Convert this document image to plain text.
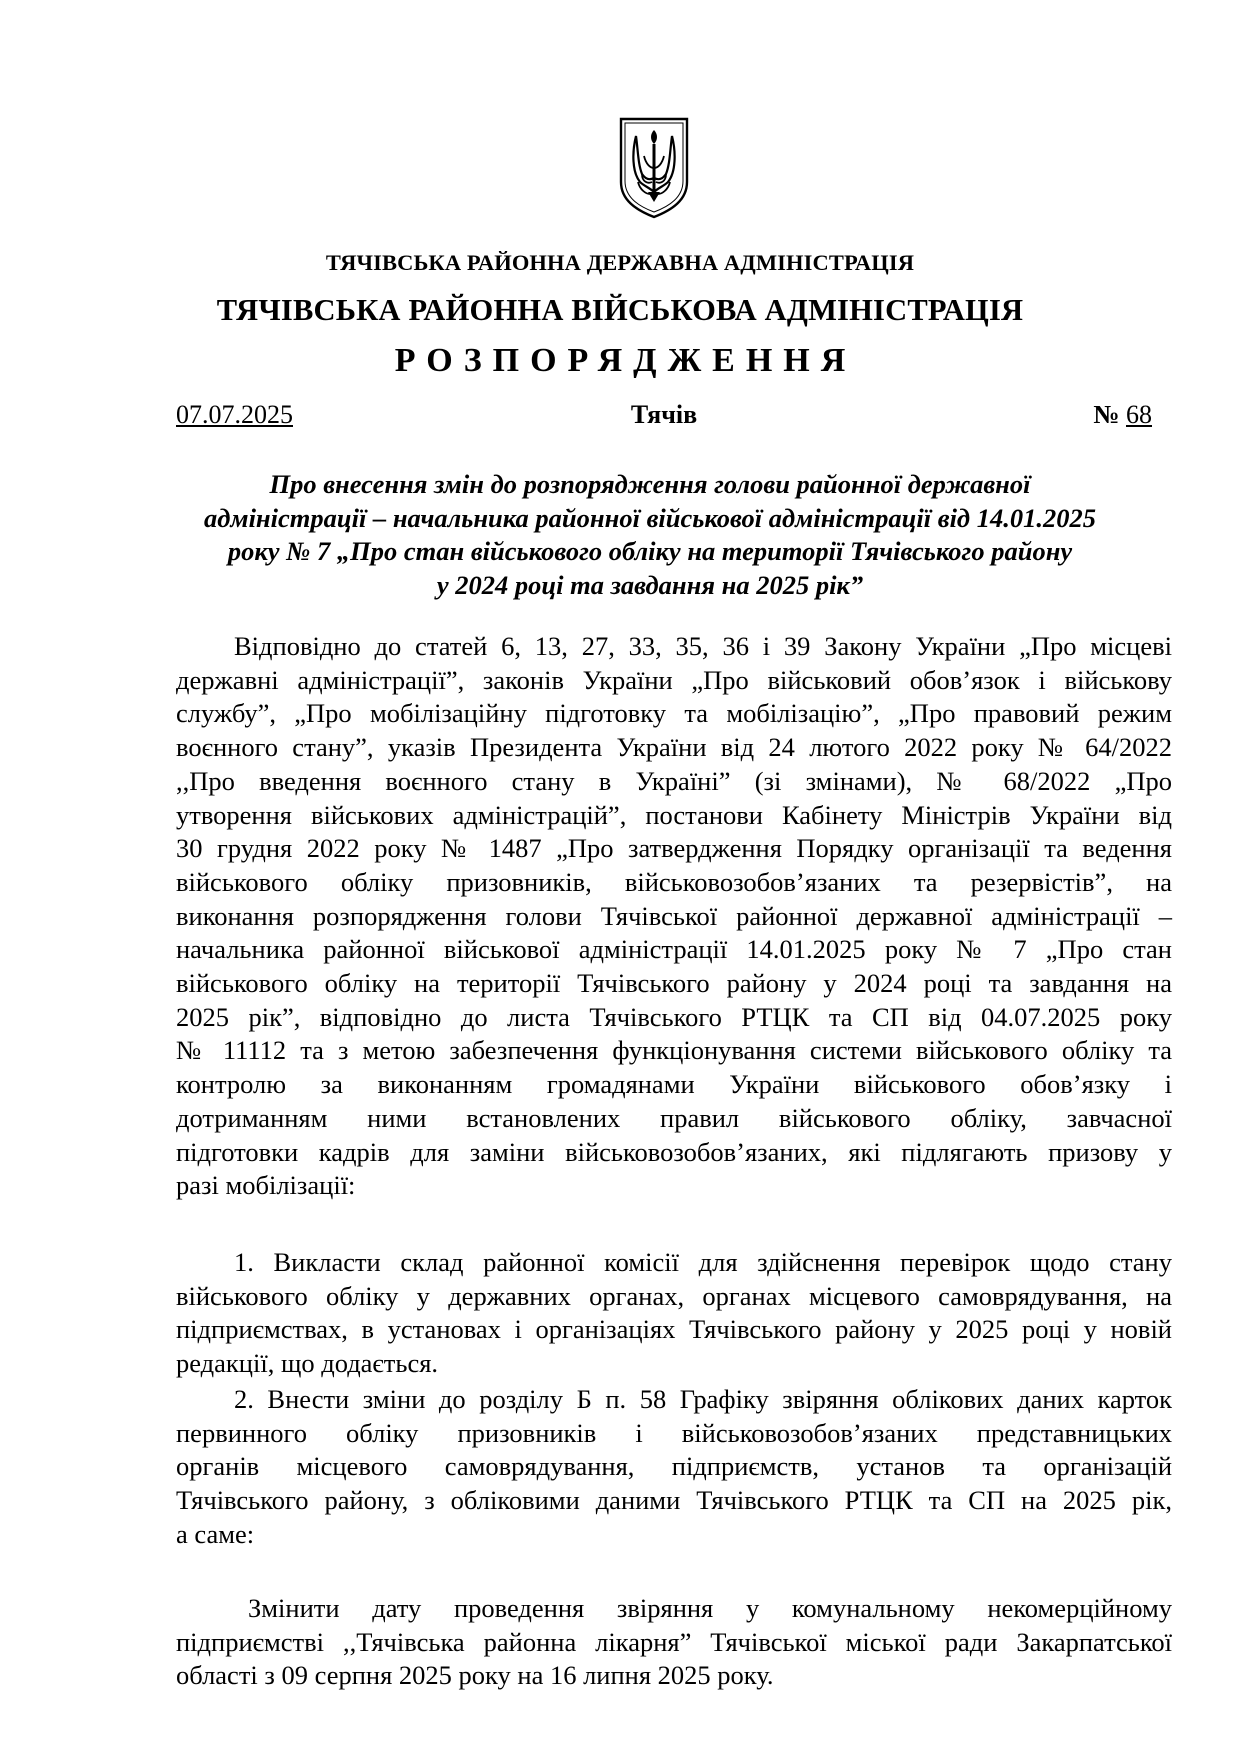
ТЯЧІВСЬКА РАЙОННА ДЕРЖАВНА АДМІНІСТРАЦІЯ
ТЯЧІВСЬКА РАЙОННА ВІЙСЬКОВА АДМІНІСТРАЦІЯ
РОЗПОРЯДЖЕННЯ
07.07.2025	Тячів	№ 68
Про внесення змін до розпорядження голови районної державної
адміністрації – начальника районної військової адміністрації від 14.01.2025
року № 7 „Про стан військового обліку на території Тячівського району
у 2024 році та завдання на 2025 рік”
Відповідно до статей 6, 13, 27, 33, 35, 36 і 39 Закону України „Про місцеві
державні адміністрації”, законів України „Про військовий обов’язок і військову
службу”, „Про мобілізаційну підготовку та мобілізацію”, „Про правовий режим
воєнного стану”, указів Президента України від 24 лютого 2022 року № 64/2022
,,Про введення воєнного стану в Україні” (зі змінами), № 68/2022 „Про
утворення військових адміністрацій”, постанови Кабінету Міністрів України від
30 грудня 2022 року № 1487 „Про затвердження Порядку організації та ведення
військового обліку призовників, військовозобов’язаних та резервістів”, на
виконання розпорядження голови Тячівської районної державної адміністрації –
начальника районної військової адміністрації 14.01.2025 року № 7 „Про стан
військового обліку на території Тячівського району у 2024 році та завдання на
2025 рік”, відповідно до листа Тячівського РТЦК та СП від 04.07.2025 року
№ 11112 та з метою забезпечення функціонування системи військового обліку та
контролю за виконанням громадянами України військового обов’язку і
дотриманням ними встановлених правил військового обліку, завчасної
підготовки кадрів для заміни військовозобов’язаних, які підлягають призову у
разі мобілізації:
1. Викласти склад районної комісії для здійснення перевірок щодо стану
військового обліку у державних органах, органах місцевого самоврядування, на
підприємствах, в установах і організаціях Тячівського району у 2025 році у новій
редакції, що додається.
2. Внести зміни до розділу Б п. 58 Графіку звіряння облікових даних карток
первинного обліку призовників і військовозобов’язаних представницьких
органів місцевого самоврядування, підприємств, установ та організацій
Тячівського району, з обліковими даними Тячівського РТЦК та СП на 2025 рік,
а саме:
Змінити дату проведення звіряння у комунальному некомерційному
підприємстві ,,Тячівська районна лікарня” Тячівської міської ради Закарпатської
області з 09 серпня 2025 року на 16 липня 2025 року.
